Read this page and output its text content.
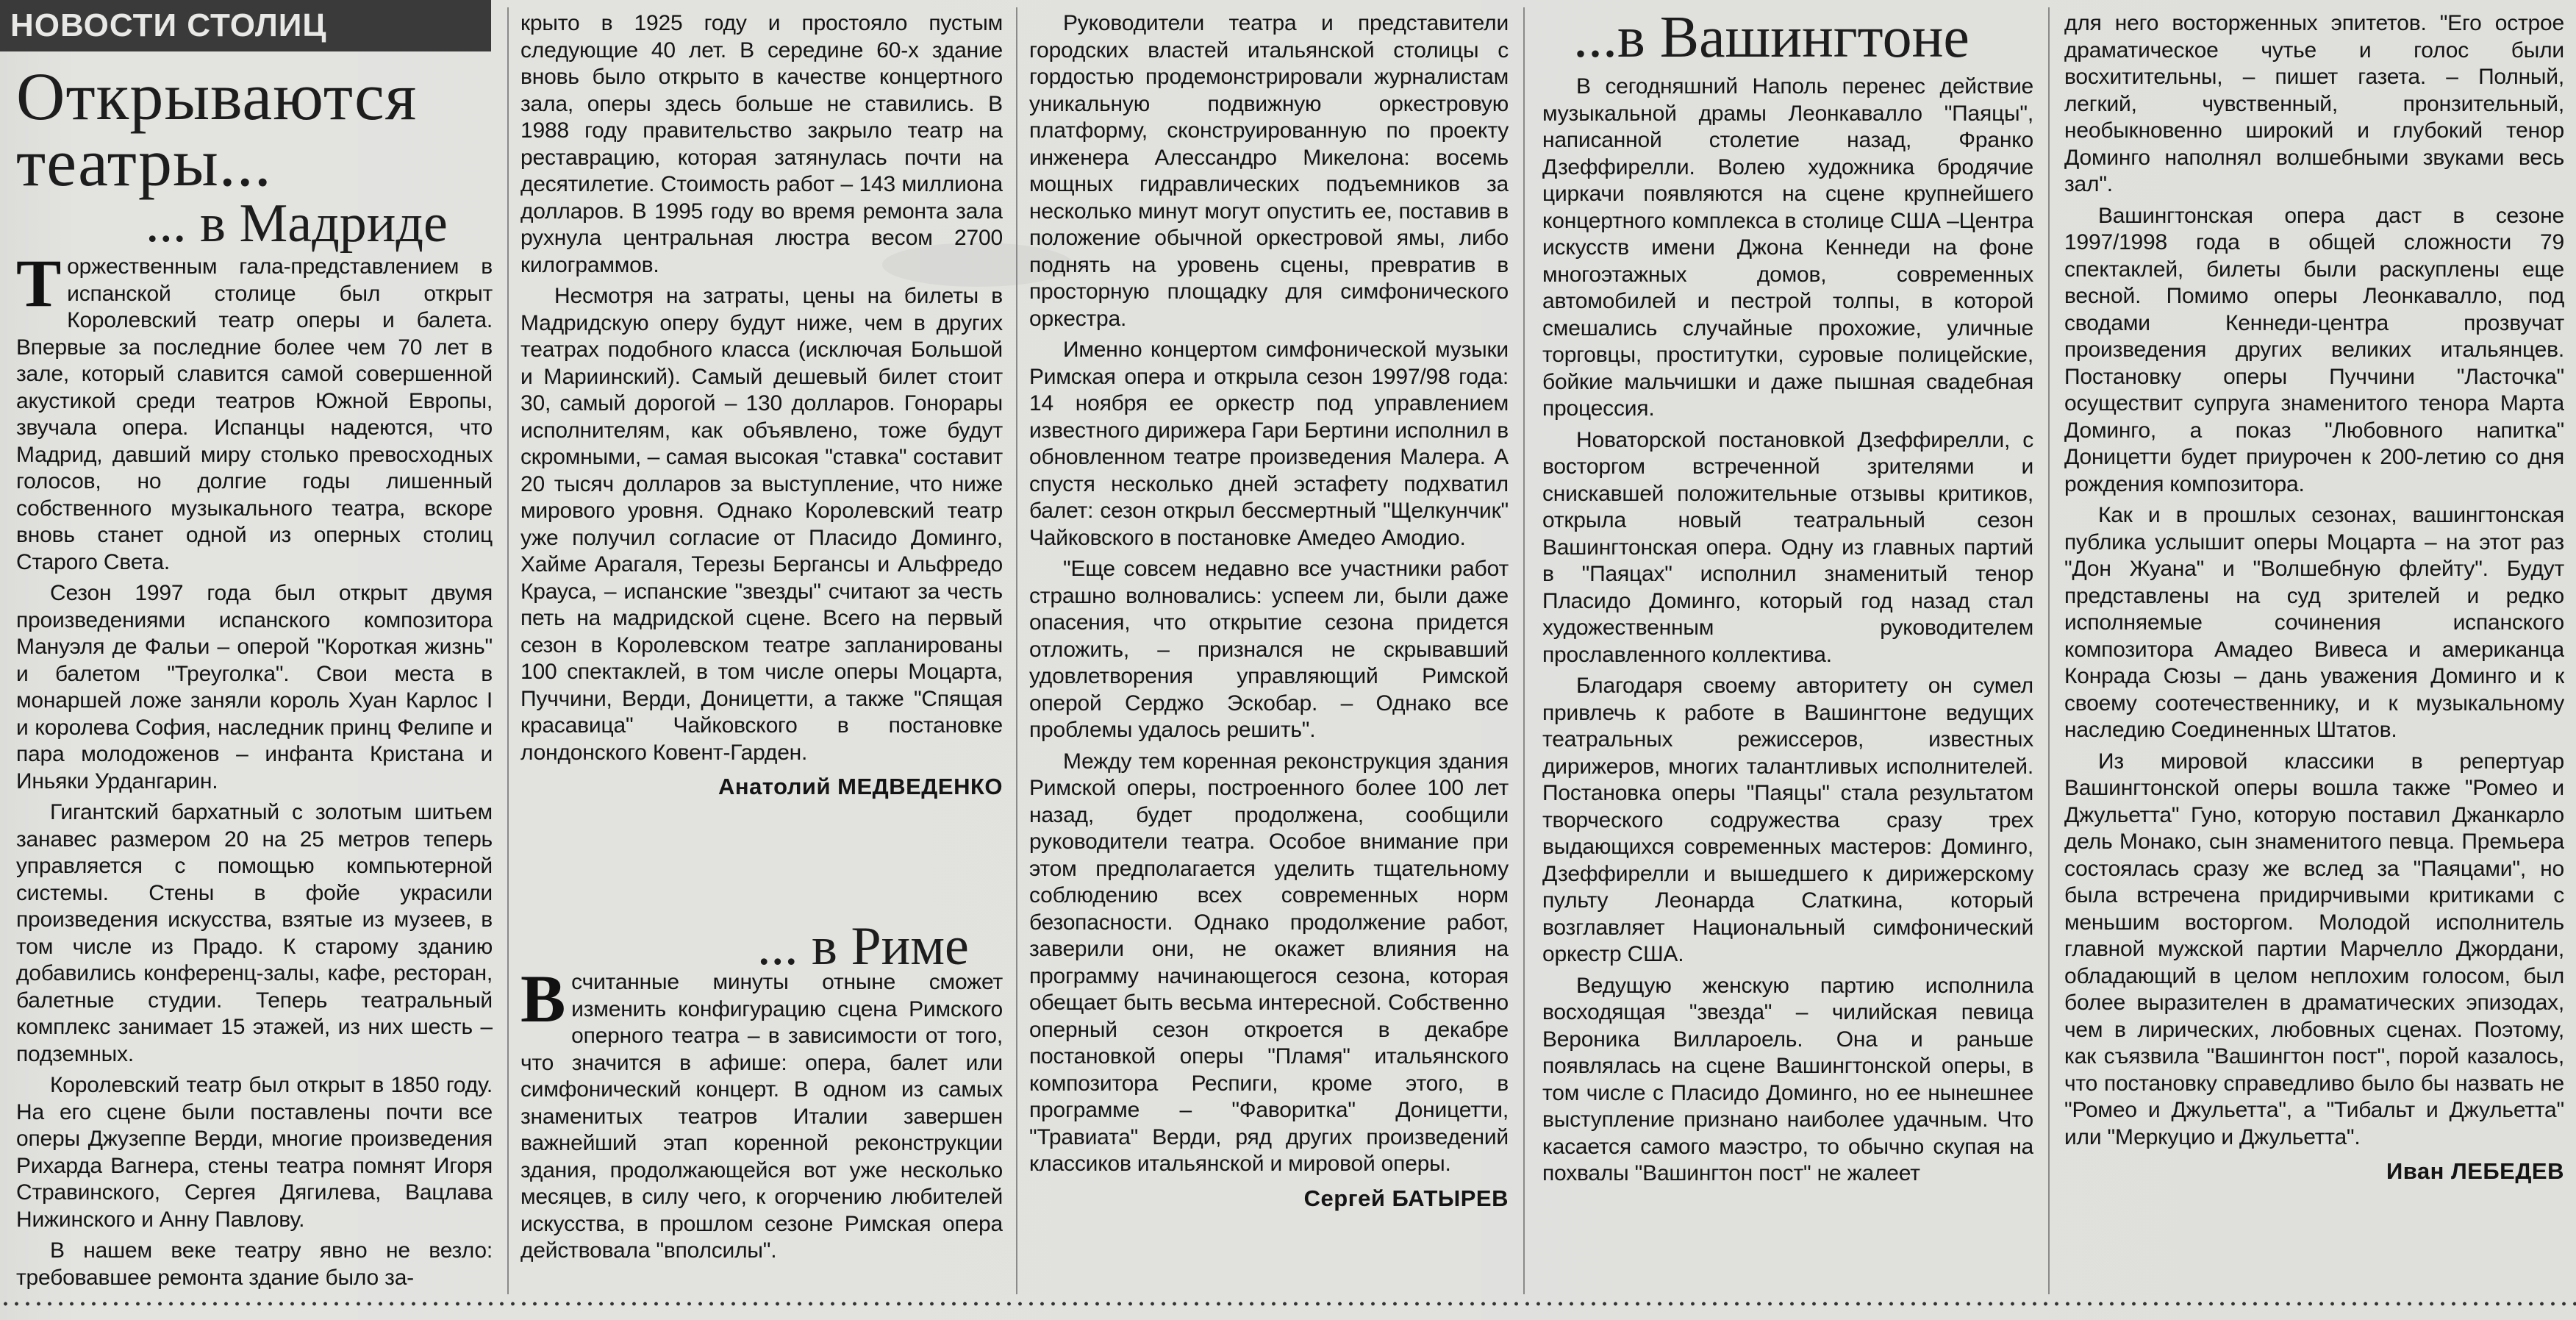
НОВОСТИ СТОЛИЦ
Открываются
театры...
... в Мадриде

Торжественным гала-представлением в испанской столице был открыт Королевский театр оперы и балета. Впервые за последние более чем 70 лет в зале, который славится самой совершенной акустикой среди театров Южной Европы, звучала опера. Испанцы надеются, что Мадрид, давший миру столько превосходных голосов, но долгие годы лишенный собственного музыкального театра, вскоре вновь станет одной из оперных столиц Старого Света.

Сезон 1997 года был открыт двумя произведениями испанского композитора Мануэля де Фальи – оперой "Короткая жизнь" и балетом "Треуголка". Свои места в монаршей ложе заняли король Хуан Карлос I и королева София, наследник принц Фелипе и пара молодоженов – инфанта Кристана и Иньяки Урдангарин.

Гигантский бархатный с золотым шитьем занавес размером 20 на 25 метров теперь управляется с помощью компьютерной системы. Стены в фойе украсили произведения искусства, взятые из музеев, в том числе из Прадо. К старому зданию добавились конференц-залы, кафе, ресторан, балетные студии. Теперь театральный комплекс занимает 15 этажей, из них шесть – подземных.

Королевский театр был открыт в 1850 году. На его сцене были поставлены почти все оперы Джузеппе Верди, многие произведения Рихарда Вагнера, стены театра помнят Игоря Стравинского, Сергея Дягилева, Вацлава Нижинского и Анну Павлову.

В нашем веке театру явно не везло: требовавшее ремонта здание было за-

крыто в 1925 году и простояло пустым следующие 40 лет. В середине 60-х здание вновь было открыто в качестве концертного зала, оперы здесь больше не ставились. В 1988 году правительство закрыло театр на реставрацию, которая затянулась почти на десятилетие. Стоимость работ – 143 миллиона долларов. В 1995 году во время ремонта зала рухнула центральная люстра весом 2700 килограммов.

Несмотря на затраты, цены на билеты в Мадридскую оперу будут ниже, чем в других театрах подобного класса (исключая Большой и Мариинский). Самый дешевый билет стоит 30, самый дорогой – 130 долларов. Гонорары исполнителям, как объявлено, тоже будут скромными, – самая высокая "ставка" составит 20 тысяч долларов за выступление, что ниже мирового уровня. Однако Королевский театр уже получил согласие от Пласидо Доминго, Хайме Арагаля, Терезы Берганcы и Альфредо Крауса, – испанские "звезды" считают за честь петь на мадридской сцене. Всего на первый сезон в Королевском театре запланированы 100 спектаклей, в том числе оперы Моцарта, Пуччини, Верди, Доницетти, а также "Спящая красавица" Чайковского в постановке лондонского Ковент-Гарден.

Анатолий МЕДВЕДЕНКО
... в Риме

Всчитанные минуты отныне сможет изменить конфигурацию сцена Римского оперного театра – в зависимости от того, что значится в афише: опера, балет или симфонический концерт. В одном из самых знаменитых театров Италии завершен важнейший этап коренной реконструкции здания, продолжающейся вот уже несколько месяцев, в силу чего, к огорчению любителей искусства, в прошлом сезоне Римская опера действовала "вполсилы".

Руководители театра и представители городских властей итальянской столицы с гордостью продемонстрировали журналистам уникальную подвижную оркестровую платформу, сконструированную по проекту инженера Алессандро Микелона: восемь мощных гидравлических подъемников за несколько минут могут опустить ее, поставив в положение обычной оркестровой ямы, либо поднять на уровень сцены, превратив в просторную площадку для симфонического оркестра.

Именно концертом симфонической музыки Римская опера и открыла сезон 1997/98 года: 14 ноября ее оркестр под управлением известного дирижера Гари Бертини исполнил в обновленном театре произведения Малера. А спустя несколько дней эстафету подхватил балет: сезон открыл бессмертный "Щелкунчик" Чайковского в постановке Амедео Амодио.

"Еще совсем недавно все участники работ страшно волновались: успеем ли, были даже опасения, что открытие сезона придется отложить, – признался не скрывавший удовлетворения управляющий Римской оперой Серджо Эскобар. – Однако все проблемы удалось решить".

Между тем коренная реконструкция здания Римской оперы, построенного более 100 лет назад, будет продолжена, сообщили руководители театра. Особое внимание при этом предполагается уделить тщательному соблюдению всех современных норм безопасности. Однако продолжение работ, заверили они, не окажет влияния на программу начинающегося сезона, которая обещает быть весьма интересной. Собственно оперный сезон откроется в декабре постановкой оперы "Пламя" итальянского композитора Респиги, кроме этого, в программе – "Фаворитка" Доницетти, "Травиата" Верди, ряд других произведений классиков итальянской и мировой оперы.

Сергей БАТЫРЕВ
...в Вашингтоне

В сегодняшний Наполь перенес действие музыкальной драмы Леонкавалло "Паяцы", написанной столетие назад, Франко Дзеффирелли. Волею художника бродячие циркачи появляются на сцене крупнейшего концертного комплекса в столице США –Центра искусств имени Джона Кеннеди на фоне многоэтажных домов, современных автомобилей и пестрой толпы, в которой смешались случайные прохожие, уличные торговцы, проститутки, суровые полицейские, бойкие мальчишки и даже пышная свадебная процессия.

Новаторской постановкой Дзеффирелли, с восторгом встреченной зрителями и снискавшей положительные отзывы критиков, открыла новый театральный сезон Вашингтонская опера. Одну из главных партий в "Паяцах" исполнил знаменитый тенор Пласидо Доминго, который год назад стал художественным руководителем прославленного коллектива.

Благодаря своему авторитету он сумел привлечь к работе в Вашингтоне ведущих театральных режиссеров, известных дирижеров, многих талантливых исполнителей. Постановка оперы "Паяцы" стала результатом творческого содружества сразу трех выдающихся современных мастеров: Доминго, Дзеффирелли и вышедшего к дирижерскому пульту Леонарда Слаткина, который возглавляет Национальный симфонический оркестр США.

Ведущую женскую партию исполнила восходящая "звезда" – чилийская певица Вероника Виллароель. Она и раньше появлялась на сцене Вашингтонской оперы, в том числе с Пласидо Доминго, но ее нынешнее выступление признано наиболее удачным. Что касается самого маэстро, то обычно скупая на похвалы "Вашингтон пост" не жалеет

для него восторженных эпитетов. "Его острое драматическое чутье и голос были восхитительны, – пишет газета. – Полный, легкий, чувственный, пронзительный, необыкновенно широкий и глубокий тенор Доминго наполнял волшебными звуками весь зал".

Вашингтонская опера даст в сезоне 1997/1998 года в общей сложности 79 спектаклей, билеты были раскуплены еще весной. Помимо оперы Леонкавалло, под сводами Кеннеди-центра прозвучат произведения других великих итальянцев. Постановку оперы Пуччини "Ласточка" осуществит супруга знаменитого тенора Марта Доминго, а показ "Любовного напитка" Доницетти будет приурочен к 200-летию со дня рождения композитора.

Как и в прошлых сезонах, вашингтонская публика услышит оперы Моцарта – на этот раз "Дон Жуана" и "Волшебную флейту". Будут представлены на суд зрителей и редко исполняемые сочинения испанского композитора Амадео Вивеса и американца Конрада Сюзы – дань уважения Доминго и к своему соотечественнику, и к музыкальному наследию Соединенных Штатов.

Из мировой классики в репертуар Вашингтонской оперы вошла также "Ромео и Джульетта" Гуно, которую поставил Джанкарло дель Монако, сын знаменитого певца. Премьера состоялась сразу же вслед за "Паяцами", но была встречена придирчивыми критиками с меньшим восторгом. Молодой исполнитель главной мужской партии Марчелло Джордани, обладающий в целом неплохим голосом, был более выразителен в драматических эпизодах, чем в лирических, любовных сценах. Поэтому, как съязвила "Вашингтон пост", порой казалось, что постановку справедливо было бы назвать не "Ромео и Джульетта", а "Тибальт и Джульетта" или "Меркуцио и Джульетта".

Иван ЛЕБЕДЕВ
